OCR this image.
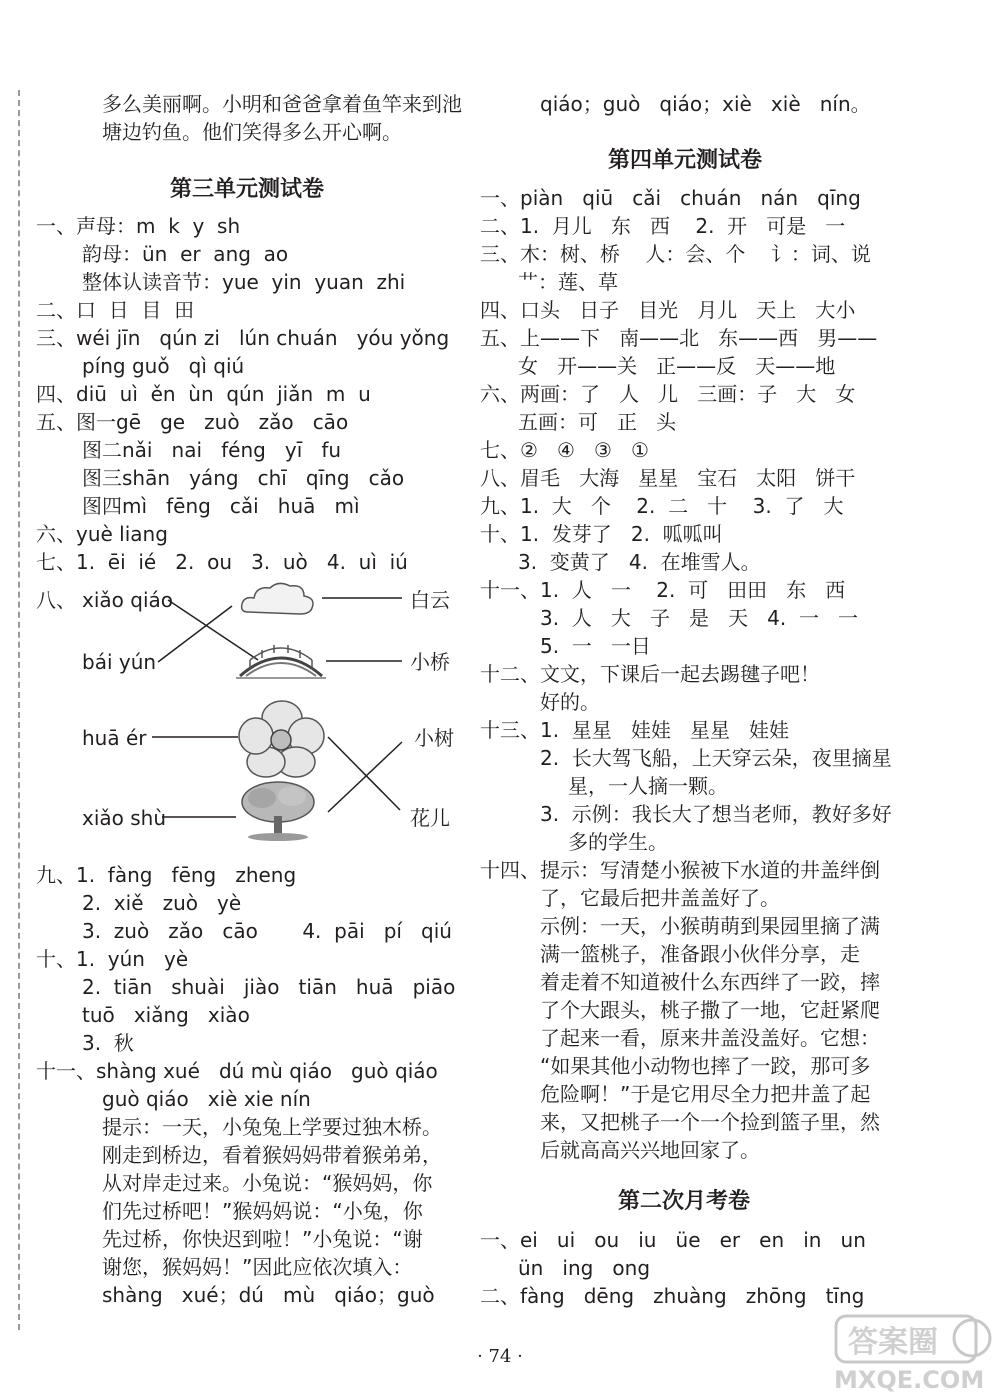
多么美丽啊。小明和爸爸拿着鱼竿来到池
塘边钓鱼。他们笑得多么开心啊。
第三单元测试卷
一、声母：m  k  y  sh
韵母：ün  er  ang  ao
整体认读音节：yue  yin  yuan  zhi
二、口  日  目  田
三、wéi jīn   qún zi   lún chuán   yóu yǒng
píng guǒ   qì qiú
四、diū  uì  ěn  ùn  qún  jiǎn  m  u
五、图一gē   ge   zuò   zǎo   cāo
图二nǎi   nai   féng   yī   fu
图三shān   yáng   chī   qīng   cǎo
图四mì   fēng   cǎi   huā   mì
六、yuè liang
七、1.  ēi  ié   2.  ou   3.  uò   4.  uì  iú
八、 xiǎo qiáo
bái yún
huā ér
xiǎo shù
白云
小桥
小树
花儿
九、1.  fàng   fēng   zheng
2.  xiě   zuò   yè
3.  zuò   zǎo   cāo       4.  pāi   pí   qiú
十、1.  yún   yè
2.  tiān   shuài   jiào   tiān   huā   piāo
tuō   xiǎng   xiào
3.  秋
十一、shàng xué   dú mù qiáo   guò qiáo
guò qiáo   xiè xie nín
提示：一天，小兔兔上学要过独木桥。
刚走到桥边，看着猴妈妈带着猴弟弟，
从对岸走过来。小兔说：“猴妈妈，你
们先过桥吧！”猴妈妈说：“小兔，你
先过桥，你快迟到啦！”小兔说：“谢
谢您，猴妈妈！”因此应依次填入：
shàng   xué；dú   mù   qiáo；guò
qiáo；guò   qiáo；xiè   xiè   nín。
第四单元测试卷
一、piàn   qiū   cǎi   chuán   nán   qīng
二、1.  月儿   东   西    2.  开   可是   一
三、木：树、桥    人：会、个    讠：词、说
艹：莲、草
四、口头   日子   目光   月儿   天上   大小
五、上——下   南——北   东——西   男——
女   开——关   正——反   天——地
六、两画：了   人   儿   三画：子   大   女
五画：可   正   头
七、②   ④   ③   ①
八、眉毛   大海   星星   宝石   太阳   饼干
九、1.  大   个    2.  二   十    3.  了   大
十、1.  发芽了   2.  呱呱叫
3.  变黄了   4.  在堆雪人。
十一、1.  人   一    2.  可   田田   东   西
3.  人   大   子   是   天   4.  一   一
5.  一   一日
十二、文文，下课后一起去踢毽子吧！
好的。
十三、1.  星星   娃娃   星星   娃娃
2.  长大驾飞船，上天穿云朵，夜里摘星
星，一人摘一颗。
3.  示例：我长大了想当老师，教好多好
多的学生。
十四、提示：写清楚小猴被下水道的井盖绊倒
了，它最后把井盖盖好了。
示例：一天，小猴萌萌到果园里摘了满
满一篮桃子，准备跟小伙伴分享，走
着走着不知道被什么东西绊了一跤，摔
了个大跟头，桃子撒了一地，它赶紧爬
了起来一看，原来井盖没盖好。它想：
“如果其他小动物也摔了一跤，那可多
危险啊！”于是它用尽全力把井盖了起
来，又把桃子一个一个捡到篮子里，然
后就高高兴兴地回家了。
第二次月考卷
一、ei   ui   ou   iu   üe   er   en   in   un
ün   ing   ong
二、fàng   dēng   zhuàng   zhōng   tīng
· 74 ·	答案圈
MXQE.COM
